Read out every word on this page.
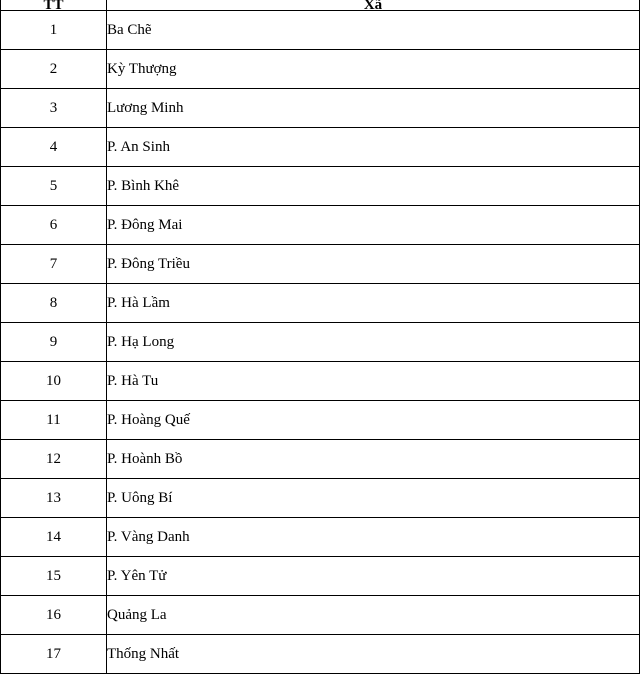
TT	Xã
1	Ba Chẽ
2	Kỳ Thượng
3	Lương Minh
4	P. An Sinh
5	P. Bình Khê
6	P. Đông Mai
7	P. Đông Triều
8	P. Hà Lầm
9	P. Hạ Long
10	P. Hà Tu
11	P. Hoàng Quế
12	P. Hoành Bồ
13	P. Uông Bí
14	P. Vàng Danh
15	P. Yên Tử
16	Quảng La
17	Thống Nhất
